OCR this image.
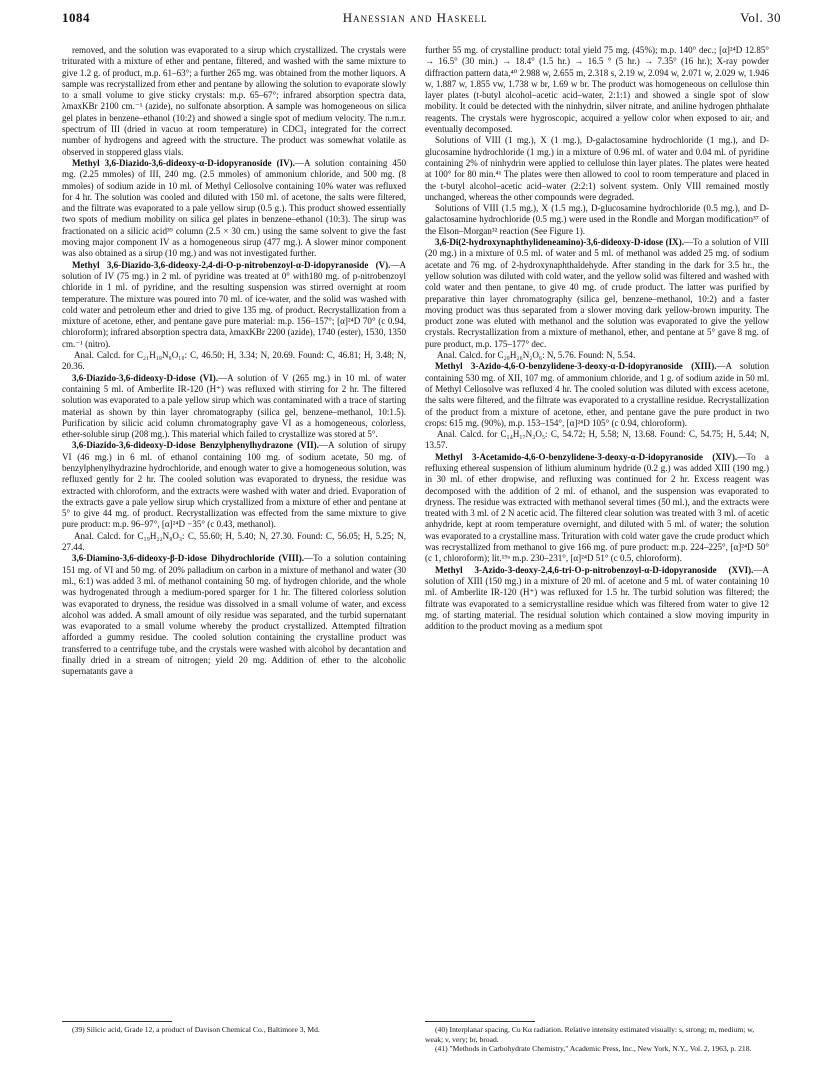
1084	Hanessian and Haskell	Vol. 30

removed, and the solution was evaporated to a sirup which crystallized. The crystals were triturated with a mixture of ether and pentane, filtered, and washed with the same mixture to give 1.2 g. of product, m.p. 61–63°; a further 265 mg. was obtained from the mother liquors. A sample was recrystallized from ether and pentane by allowing the solution to evaporate slowly to a small volume to give sticky crystals: m.p. 65–67°; infrared absorption spectra data, λmaxKBr 2100 cm.⁻¹ (azide), no sulfonate absorption. A sample was homogeneous on silica gel plates in benzene–ethanol (10:2) and showed a single spot of medium velocity. The n.m.r. spectrum of III (dried in vacuo at room temperature) in CDCl₃ integrated for the correct number of hydrogens and agreed with the structure. The product was somewhat volatile as observed in stoppered glass vials.

Methyl 3,6-Diazido-3,6-dideoxy-α-D-idopyranoside (IV).—A solution containing 450 mg. (2.25 mmoles) of III, 240 mg. (2.5 mmoles) of ammonium chloride, and 500 mg. (8 mmoles) of sodium azide in 10 ml. of Methyl Cellosolve containing 10% water was refluxed for 4 hr. The solution was cooled and diluted with 150 ml. of acetone, the salts were filtered, and the filtrate was evaporated to a pale yellow sirup (0.5 g.). This product showed essentially two spots of medium mobility on silica gel plates in benzene–ethanol (10:3). The sirup was fractionated on a silicic acid³⁹ column (2.5 × 30 cm.) using the same solvent to give the fast moving major component IV as a homogeneous sirup (477 mg.). A slower minor component was also obtained as a sirup (10 mg.) and was not investigated further.

Methyl 3,6-Diazido-3,6-dideoxy-2,4-di-O-p-nitrobenzoyl-α-D-idopyranoside (V).—A solution of IV (75 mg.) in 2 ml. of pyridine was treated at 0° with180 mg. of p-nitrobenzoyl chloride in 1 ml. of pyridine, and the resulting suspension was stirred overnight at room temperature. The mixture was poured into 70 ml. of ice-water, and the solid was washed with cold water and petroleum ether and dried to give 135 mg. of product. Recrystallization from a mixture of acetone, ether, and pentane gave pure material: m.p. 156–157°; [α]²⁴D 70° (c 0.94, chloroform); infrared absorption spectra data, λmaxKBr 2200 (azide), 1740 (ester), 1530, 1350 cm.⁻¹ (nitro).

Anal. Calcd. for C₂₁H₁₈N₈O₁₀: C, 46.50; H, 3.34; N, 20.69. Found: C, 46.81; H, 3.48; N, 20.36.

3,6-Diazido-3,6-dideoxy-D-idose (VI).—A solution of V (265 mg.) in 10 ml. of water containing 5 ml. of Amberlite IR-120 (H⁺) was refluxed with stirring for 2 hr. The filtered solution was evaporated to a pale yellow sirup which was contaminated with a trace of starting material as shown by thin layer chromatography (silica gel, benzene–methanol, 10:1.5). Purification by silicic acid column chromatography gave VI as a homogeneous, colorless, ether-soluble sirup (208 mg.). This material which failed to crystallize was stored at 5°.

3,6-Diazido-3,6-dideoxy-D-idose Benzylphenylhydrazone (VII).—A solution of sirupy VI (46 mg.) in 6 ml. of ethanol containing 100 mg. of sodium acetate, 50 mg. of benzylphenylhydrazine hydrochloride, and enough water to give a homogeneous solution, was refluxed gently for 2 hr. The cooled solution was evaporated to dryness, the residue was extracted with chloroform, and the extracts were washed with water and dried. Evaporation of the extracts gave a pale yellow sirup which crystallized from a mixture of ether and pentane at 5° to give 44 mg. of product. Recrystallization was effected from the same mixture to give pure product: m.p. 96–97°, [α]²⁴D −35° (c 0.43, methanol).

Anal. Calcd. for C₁₉H₂₂N₈O₃: C, 55.60; H, 5.40; N, 27.30. Found: C, 56.05; H, 5.25; N, 27.44.

3,6-Diamino-3,6-dideoxy-β-D-idose Dihydrochloride (VIII).—To a solution containing 151 mg. of VI and 50 mg. of 20% palladium on carbon in a mixture of methanol and water (30 ml., 6:1) was added 3 ml. of methanol containing 50 mg. of hydrogen chloride, and the whole was hydrogenated through a medium-pored sparger for 1 hr. The filtered colorless solution was evaporated to dryness, the residue was dissolved in a small volume of water, and excess alcohol was added. A small amount of oily residue was separated, and the turbid supernatant was evaporated to a small volume whereby the product crystallized. Attempted filtration afforded a gummy residue. The cooled solution containing the crystalline product was transferred to a centrifuge tube, and the crystals were washed with alcohol by decantation and finally dried in a stream of nitrogen; yield 20 mg. Addition of ether to the alcoholic supernatants gave a

further 55 mg. of crystalline product: total yield 75 mg. (45%); m.p. 140° dec.; [α]²⁴D 12.85° → 16.5° (30 min.) → 18.4° (1.5 hr.) → 16.5 ° (5 hr.) → 7.35° (16 hr.); X-ray powder diffraction pattern data,⁴⁰ 2.988 w, 2.655 m, 2.318 s, 2.19 w, 2.094 w, 2.071 w, 2.029 w, 1.946 w, 1.887 w, 1.855 vw, 1.738 w br, 1.69 w br. The product was homogeneous on cellulose thin layer plates (t-butyl alcohol–acetic acid–water, 2:1:1) and showed a single spot of slow mobility. It could be detected with the ninhydrin, silver nitrate, and aniline hydrogen phthalate reagents. The crystals were hygroscopic, acquired a yellow color when exposed to air, and eventually decomposed.

Solutions of VIII (1 mg.), X (1 mg.), D-galactosamine hydrochloride (1 mg.), and D-glucosamine hydrochloride (1 mg.) in a mixture of 0.96 ml. of water and 0.04 ml. of pyridine containing 2% of ninhydrin were applied to cellulose thin layer plates. The plates were heated at 100° for 80 min.⁴¹ The plates were then allowed to cool to room temperature and placed in the t-butyl alcohol–acetic acid–water (2:2:1) solvent system. Only VIII remained mostly unchanged, whereas the other compounds were degraded.

Solutions of VIII (1.5 mg.), X (1.5 mg.), D-glucosamine hydrochloride (0.5 mg.), and D-galactosamine hydrochloride (0.5 mg.) were used in the Rondle and Morgan modification³⁷ of the Elson–Morgan³² reaction (See Figure 1).

3,6-Di(2-hydroxynaphthylideneamino)-3,6-dideoxy-D-idose (IX).—To a solution of VIII (20 mg.) in a mixture of 0.5 ml. of water and 5 ml. of methanol was added 25 mg. of sodium acetate and 76 mg. of 2-hydroxynaphthaldehyde. After standing in the dark for 3.5 hr., the yellow solution was diluted with cold water, and the yellow solid was filtered and washed with cold water and then pentane, to give 40 mg. of crude product. The latter was purified by preparative thin layer chromatography (silica gel, benzene–methanol, 10:2) and a faster moving product was thus separated from a slower moving dark yellow-brown impurity. The product zone was eluted with methanol and the solution was evaporated to give the yellow crystals. Recrystallization from a mixture of methanol, ether, and pentane at 5° gave 8 mg. of pure product, m.p. 175–177° dec.

Anal. Calcd. for C₂₈H₂₆N₂O₆: N, 5.76. Found: N, 5.54.

Methyl 3-Azido-4,6-O-benzylidene-3-deoxy-α-D-idopyranoside (XIII).—A solution containing 530 mg. of XII, 107 mg. of ammonium chloride, and 1 g. of sodium azide in 50 ml. of Methyl Cellosolve was refluxed 4 hr. The cooled solution was diluted with excess acetone, the salts were filtered, and the filtrate was evaporated to a crystalline residue. Recrystallization of the product from a mixture of acetone, ether, and pentane gave the pure product in two crops: 615 mg. (90%), m.p. 153–154°, [α]²⁴D 105° (c 0.94, chloroform).

Anal. Calcd. for C₁₄H₁₇N₃O₅: C, 54.72; H, 5.58; N, 13.68. Found: C, 54.75; H, 5.44; N, 13.57.

Methyl 3-Acetamido-4,6-O-benzylidene-3-deoxy-α-D-idopyranoside (XIV).—To a refluxing ethereal suspension of lithium aluminum hydride (0.2 g.) was added XIII (190 mg.) in 30 ml. of ether dropwise, and refluxing was continued for 2 hr. Excess reagent was decomposed with the addition of 2 ml. of ethanol, and the suspension was evaporated to dryness. The residue was extracted with methanol several times (50 ml.), and the extracts were treated with 3 ml. of 2 N acetic acid. The filtered clear solution was treated with 3 ml. of acetic anhydride, kept at room temperature overnight, and diluted with 5 ml. of water; the solution was evaporated to a crystalline mass. Trituration with cold water gave the crude product which was recrystallized from methanol to give 166 mg. of pure product: m.p. 224–225°, [α]²⁴D 50° (c 1, chloroform); lit.¹⁹ᵃ m.p. 230–231°, [α]²⁴D 51° (c 0.5, chloroform).

Methyl 3-Azido-3-deoxy-2,4,6-tri-O-p-nitrobenzoyl-α-D-idopyranoside (XVI).—A solution of XIII (150 mg.) in a mixture of 20 ml. of acetone and 5 ml. of water containing 10 ml. of Amberlite IR-120 (H⁺) was refluxed for 1.5 hr. The turbid solution was filtered; the filtrate was evaporated to a semicrystalline residue which was filtered from water to give 12 mg. of starting material. The residual solution which contained a slow moving impurity in addition to the product moving as a medium spot

(39) Silicic acid, Grade 12, a product of Davison Chemical Co., Baltimore 3, Md.	(40) Interplanar spacing, Cu Kα radiation. Relative intensity estimated visually: s, strong; m, medium; w, weak; v, very; br, broad.

(41) "Methods in Carbohydrate Chemistry," Academic Press, Inc., New York, N.Y., Vol. 2, 1963, p. 218.
